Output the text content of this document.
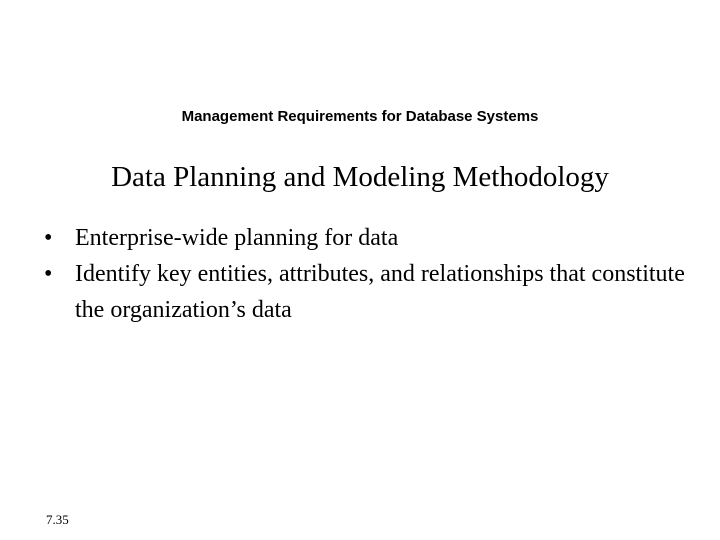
Management Requirements for Database Systems
Data Planning and Modeling Methodology
• Enterprise-wide planning for data
• Identify key entities, attributes, and relationships that constitute the organization’s data
7.35
